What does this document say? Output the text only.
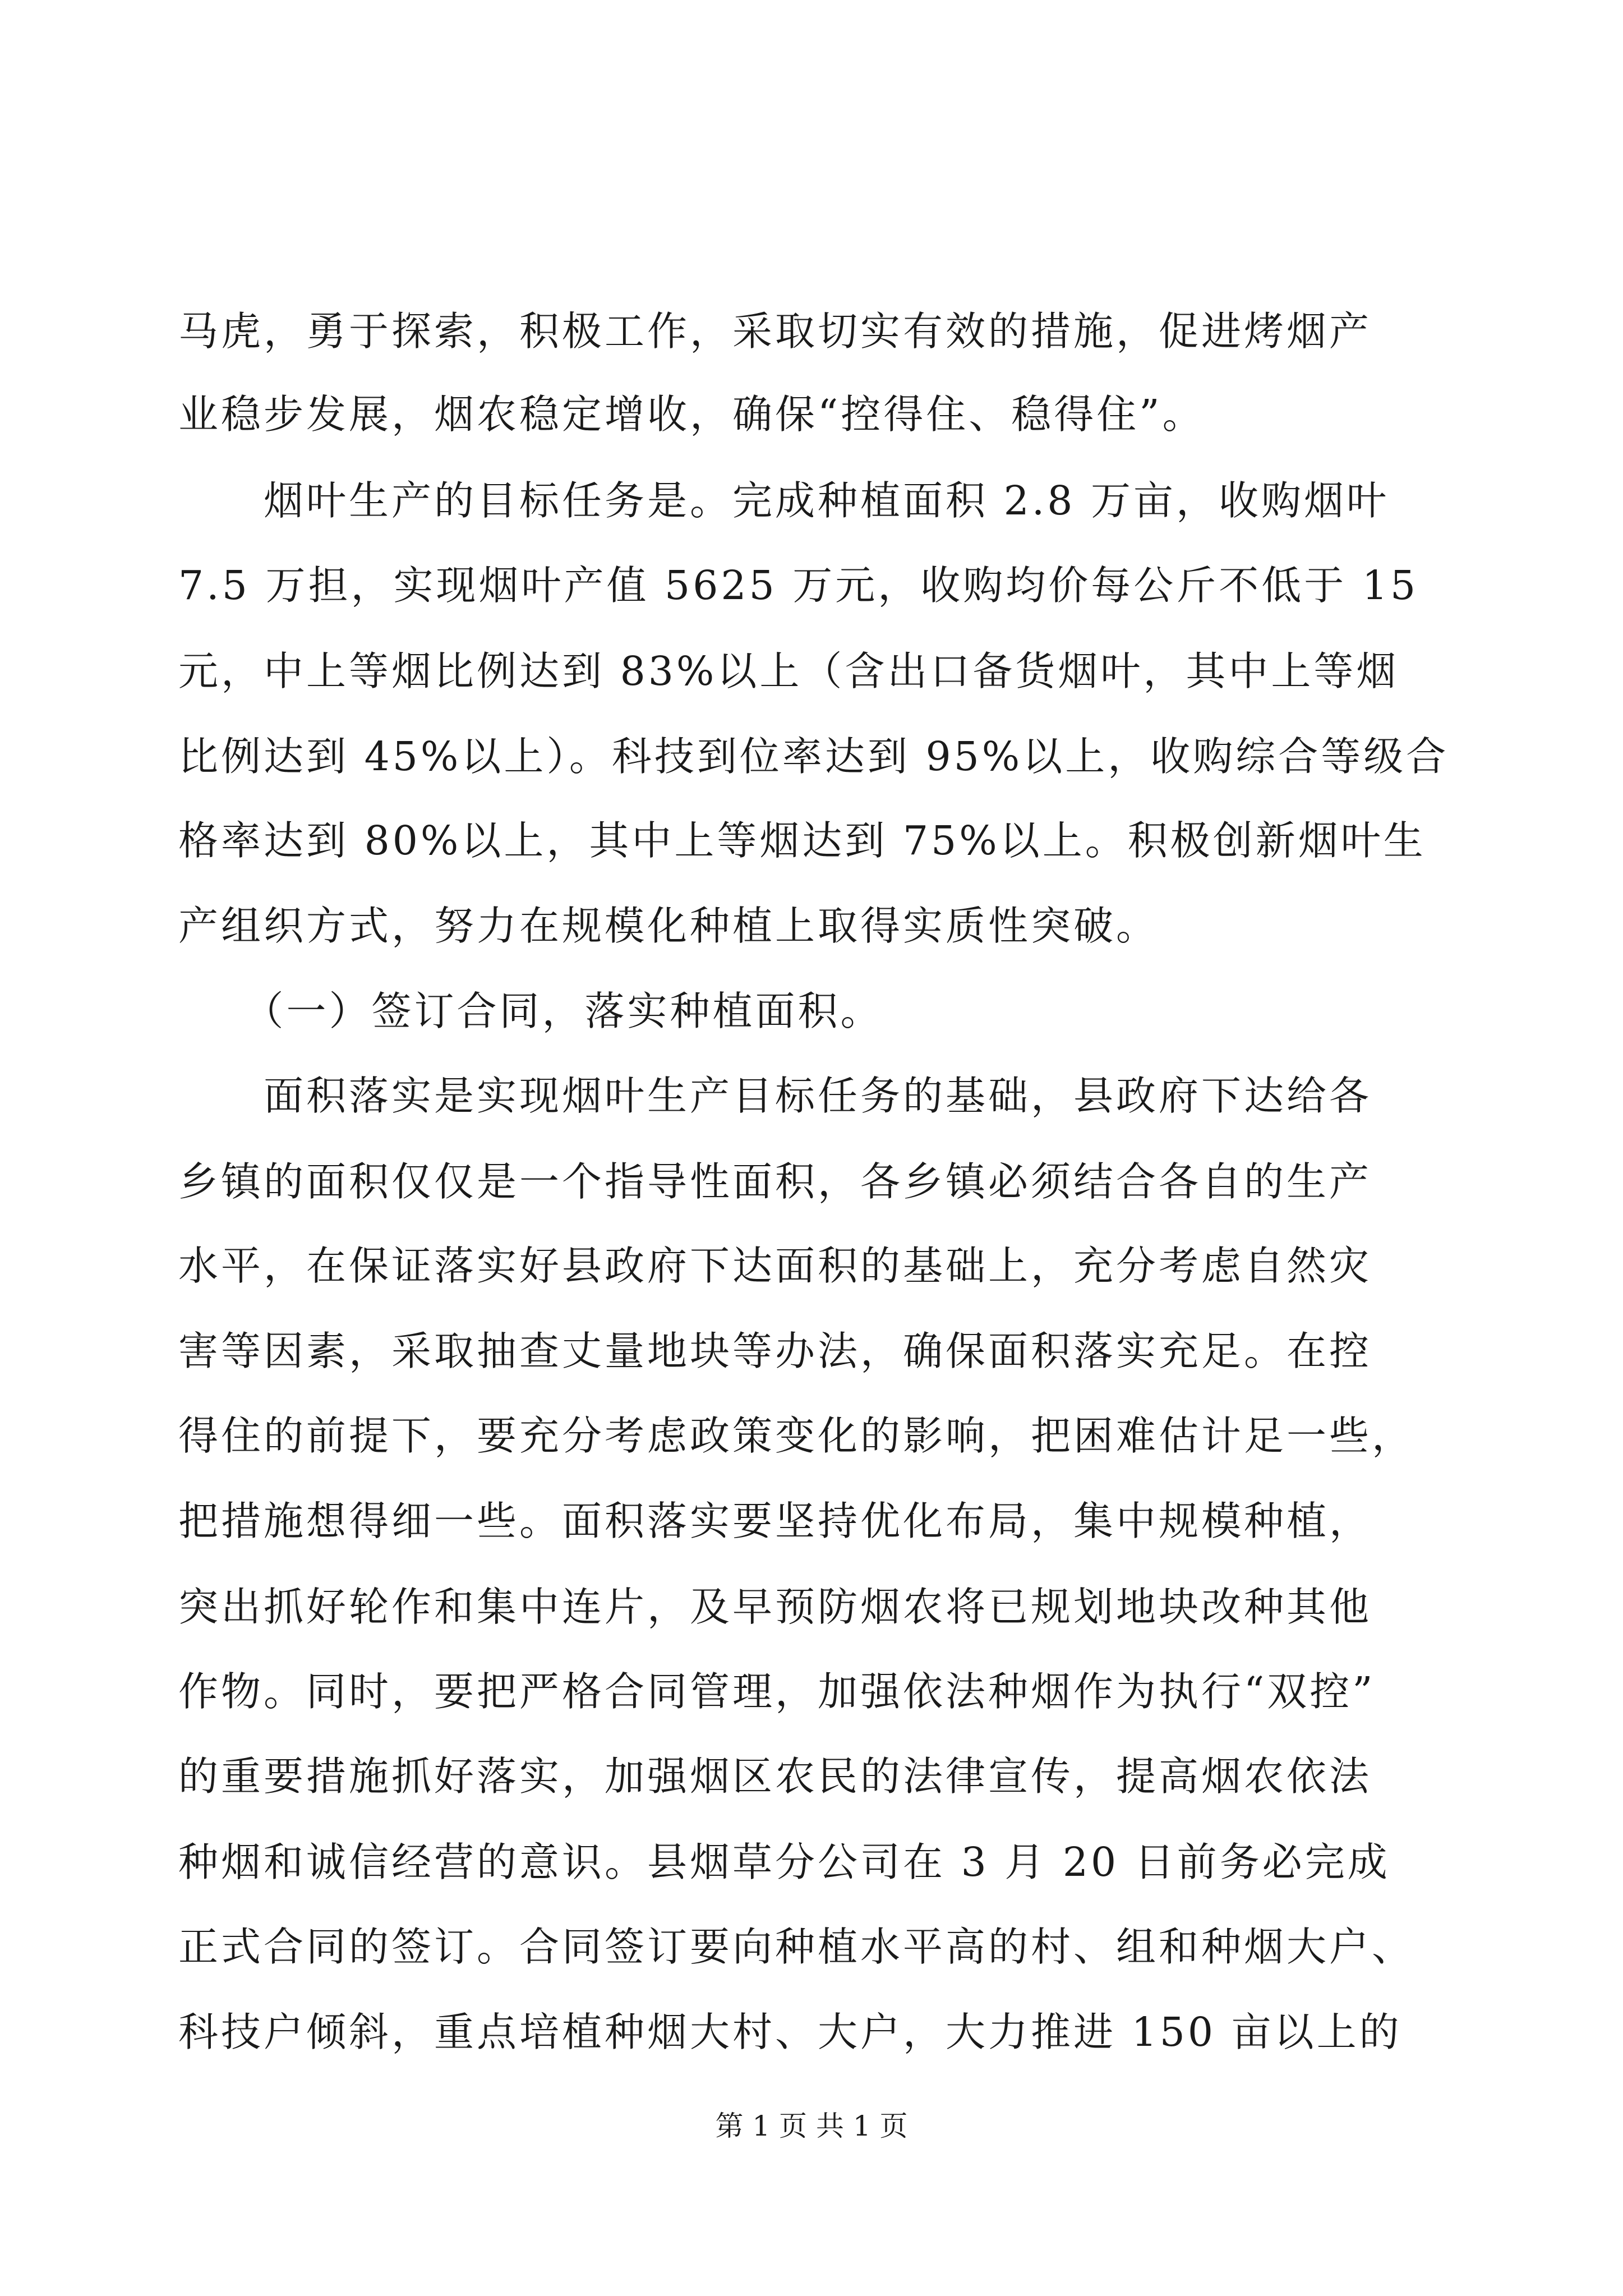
马虎，勇于探索，积极工作，采取切实有效的措施，促进烤烟产
业稳步发展，烟农稳定增收，确保“控得住、稳得住”。
　　烟叶生产的目标任务是。完成种植面积 2.8 万亩，收购烟叶
7.5 万担，实现烟叶产值 5625 万元，收购均价每公斤不低于 15
元，中上等烟比例达到 83%以上（含出口备货烟叶，其中上等烟
比例达到 45%以上）。科技到位率达到 95%以上，收购综合等级合
格率达到 80%以上，其中上等烟达到 75%以上。积极创新烟叶生
产组织方式，努力在规模化种植上取得实质性突破。
　　（一）签订合同，落实种植面积。
　　面积落实是实现烟叶生产目标任务的基础，县政府下达给各
乡镇的面积仅仅是一个指导性面积，各乡镇必须结合各自的生产
水平，在保证落实好县政府下达面积的基础上，充分考虑自然灾
害等因素，采取抽查丈量地块等办法，确保面积落实充足。在控
得住的前提下，要充分考虑政策变化的影响，把困难估计足一些，
把措施想得细一些。面积落实要坚持优化布局，集中规模种植，
突出抓好轮作和集中连片，及早预防烟农将已规划地块改种其他
作物。同时，要把严格合同管理，加强依法种烟作为执行“双控”
的重要措施抓好落实，加强烟区农民的法律宣传，提高烟农依法
种烟和诚信经营的意识。县烟草分公司在 3 月 20 日前务必完成
正式合同的签订。合同签订要向种植水平高的村、组和种烟大户、
科技户倾斜，重点培植种烟大村、大户，大力推进 150 亩以上的
第 1 页 共 1 页
